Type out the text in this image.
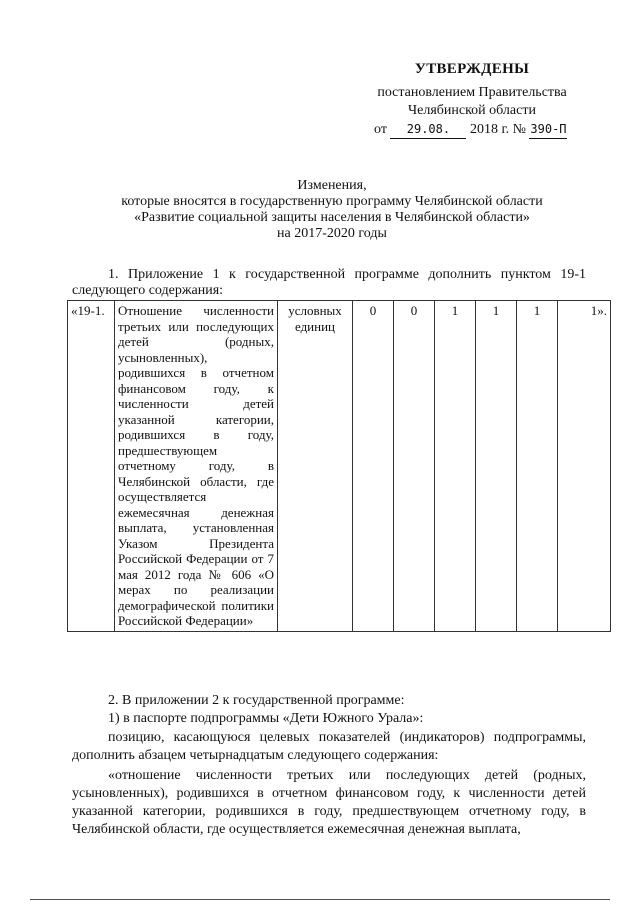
УТВЕРЖДЕНЫ
постановлением Правительства
Челябинской области
от 29.08. 2018 г. № 390-П
Изменения,
которые вносятся в государственную программу Челябинской области
«Развитие социальной защиты населения в Челябинской области»
на 2017-2020 годы
1. Приложение 1 к государственной программе дополнить пунктом 19-1 следующего содержания:
«19-1.	Отношение численности третьих или последующих детей (родных, усыновленных), родившихся в отчетном финансовом году, к численности детей указанной категории, родившихся в году, предшествующем отчетному году, в Челябинской области, где осуществляется ежемесячная денежная выплата, установленная Указом Президента Российской Федерации от 7 мая 2012 года № 606 «О мерах по реализации демографической политики Российской Федерации»	условных единиц	0	0	1	1	1	1».
2. В приложении 2 к государственной программе:
1) в паспорте подпрограммы «Дети Южного Урала»:
позицию, касающуюся целевых показателей (индикаторов) подпрограммы, дополнить абзацем четырнадцатым следующего содержания:
«отношение численности третьих или последующих детей (родных, усыновленных), родившихся в отчетном финансовом году, к численности детей указанной категории, родившихся в году, предшествующем отчетному году, в Челябинской области, где осуществляется ежемесячная денежная выплата,
